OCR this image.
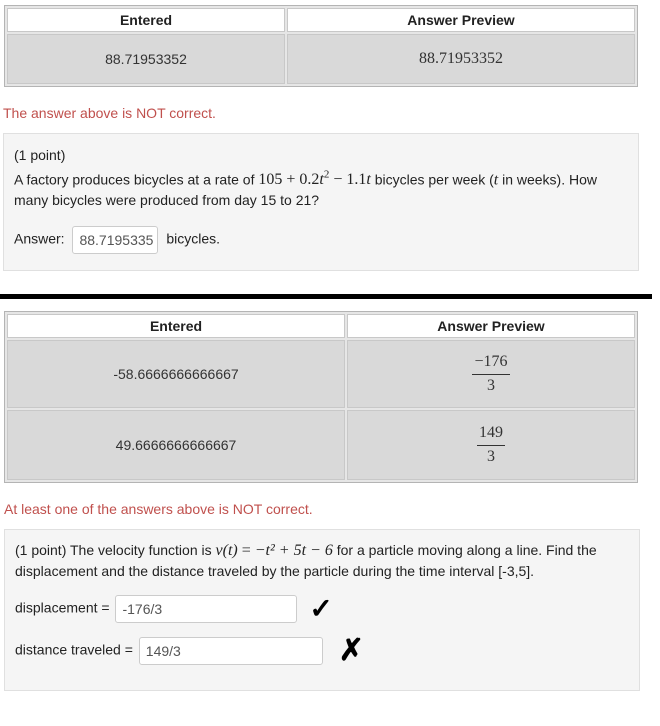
Entered	Answer Preview
88.71953352	88.71953352
The answer above is NOT correct.
(1 point)
A factory produces bicycles at a rate of $105 + 0.2t^2 - 1.1t$ bicycles per week (t in weeks). How many bicycles were produced from day 15 to 21?
Answer: 88.7195335 bicycles.
Entered	Answer Preview
-58.6666666666667	$\frac{-176}{3}$

49.6666666666667	$\frac{149}{3}$
At least one of the answers above is NOT correct.
(1 point) The velocity function is v(t) = −t² + 5t − 6 for a particle moving along a line. Find the displacement and the distance traveled by the particle during the time interval [-3,5].
displacement = -176/3	✓
distance traveled = 149/3	✗
